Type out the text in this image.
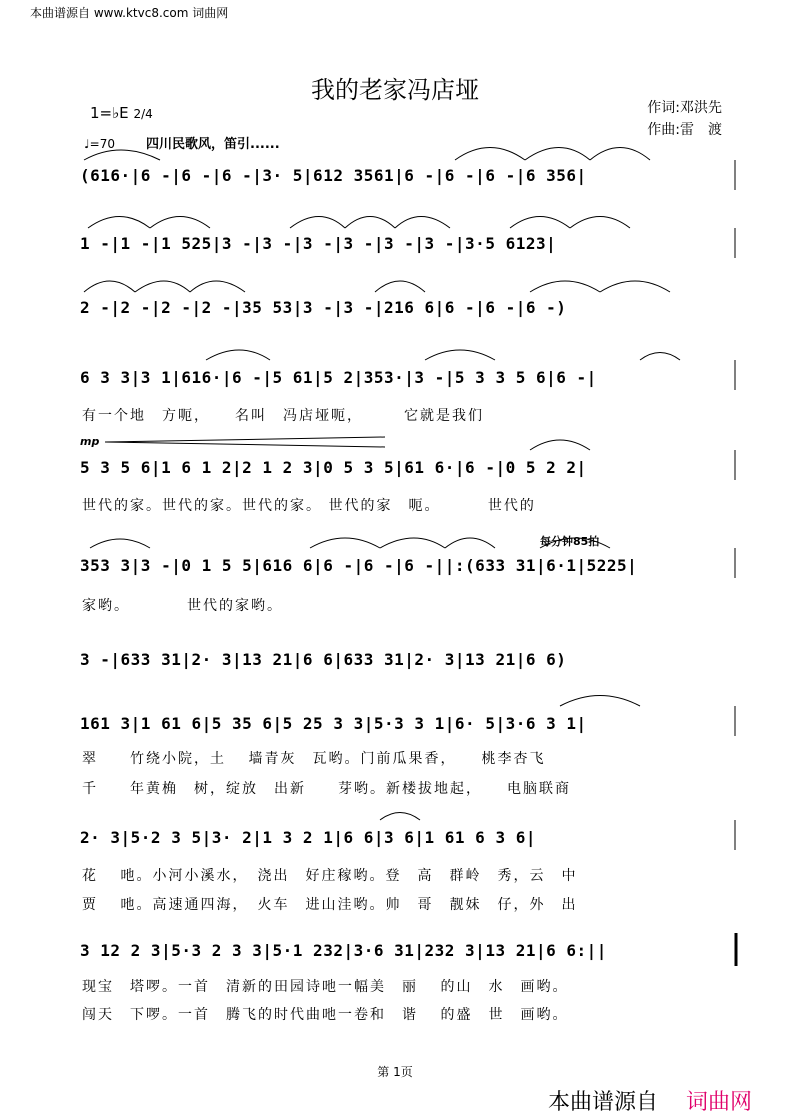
本曲谱源自 www.ktvc8.com 词曲网
我的老家冯店垭
作词:邓洪先
作曲:雷　渡
1=♭E 2/4
♩=70 四川民歌风，笛引......
(616·|6 -|6 -|6 -|3· 5|612 3561|6 -|6 -|6 -|6 356|
1 -|1 -|1 525|3 -|3 -|3 -|3 -|3 -|3 -|3·5 6123|
2 -|2 -|2 -|2 -|35 53|3 -|3 -|216 6|6 -|6 -|6 -)
6 3 3|3 1|616·|6 -|5 61|5 2|353·|3 -|5 3 3 5 6|6 -|
有一个地　方呃，　　名叫　冯店垭呃，　　　它就是我们
mp
5 3 5 6|1 6 1 2|2 1 2 3|0 5 3 5|61 6·|6 -|0 5 2 2|
世代的家。世代的家。世代的家。 世代的家　呃。　　　 世代的
每分钟85拍
353 3|3 -|0 1 5 5|616 6|6 -|6 -|6 -||:(633 31|6·1|5225|
家哟。　　　　世代的家哟。
3 -|633 31|2· 3|13 21|6 6|633 31|2· 3|13 21|6 6)
161 3|1 61 6|5 35 6|5 25 3 3|5·3 3 1|6· 5|3·6 3 1|
翠　　竹绕小院，土　 墙青灰　瓦哟。门前瓜果香，　　桃李杏飞
千　　年黄桷　树，绽放　出新　　芽哟。新楼拔地起，　　电脑联商
2· 3|5·2 3 5|3· 2|1 3 2 1|6 6|3 6|1 61 6 3 6|
花　 吔。小河小溪水，　浇出　好庄稼哟。登　高　群岭　秀，云　中
贾　 吔。高速通四海，　火车　进山洼哟。帅　哥　靓妹　仔，外　出
3 12 2 3|5·3 2 3 3|5·1 232|3·6 31|232 3|13 21|6 6:||
现宝　塔啰。一首　清新的田园诗吔一幅美　丽　 的山　水　画哟。
闯天　下啰。一首　腾飞的时代曲吔一卷和　谐　 的盛　世　画哟。
第 1页
本曲谱源自 词曲网
